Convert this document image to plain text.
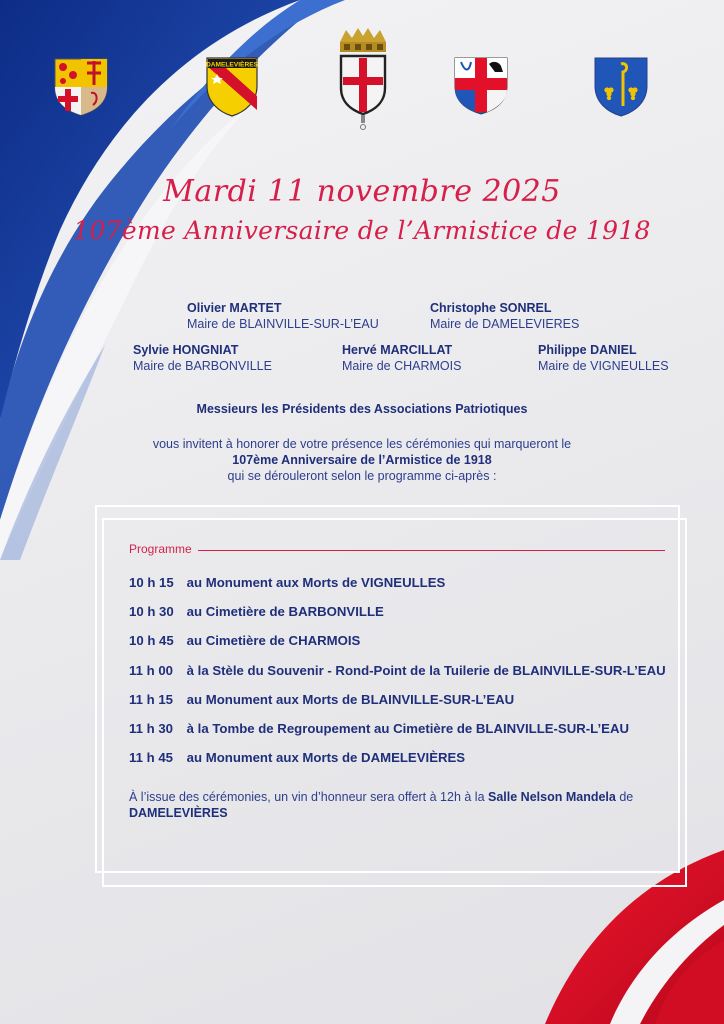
DAMELEVIÈRES
Mardi 11 novembre 2025
107ème Anniversaire de l’Armistice de 1918
Olivier MARTET
Maire de BLAINVILLE-SUR-L’EAU
Christophe SONREL
Maire de DAMELEVIERES
Sylvie HONGNIAT
Maire de BARBONVILLE
Hervé MARCILLAT
Maire de CHARMOIS
Philippe DANIEL
Maire de VIGNEULLES
Messieurs les Présidents des Associations Patriotiques
vous invitent à honorer de votre présence les cérémonies qui marqueront le
107ème Anniversaire de l’Armistice de 1918
qui se dérouleront selon le programme ci-après :
Programme
10 h 15 au Monument aux Morts de VIGNEULLES
10 h 30 au Cimetière de BARBONVILLE
10 h 45 au Cimetière de CHARMOIS
11 h 00 à la Stèle du Souvenir - Rond-Point de la Tuilerie de BLAINVILLE-SUR-L’EAU
11 h 15 au Monument aux Morts de BLAINVILLE-SUR-L’EAU
11 h 30 à la Tombe de Regroupement au Cimetière de BLAINVILLE-SUR-L’EAU
11 h 45 au Monument aux Morts de DAMELEVIÈRES
À l’issue des cérémonies, un vin d’honneur sera offert à 12h à la Salle Nelson Mandela de DAMELEVIÈRES
